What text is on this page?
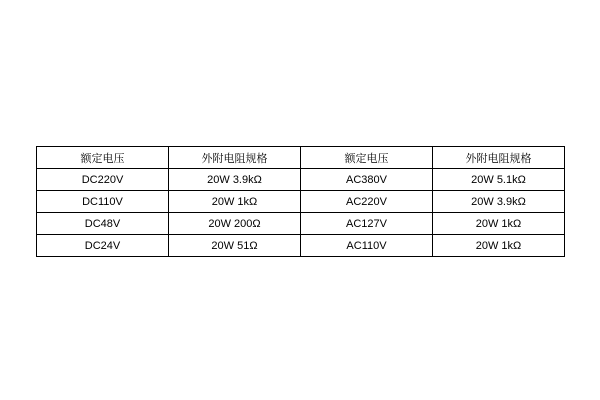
额定电压	外附电阻规格	额定电压	外附电阻规格
DC220V	20W 3.9kΩ	AC380V	20W 5.1kΩ
DC110V	20W 1kΩ	AC220V	20W 3.9kΩ
DC48V	20W 200Ω	AC127V	20W 1kΩ
DC24V	20W 51Ω	AC110V	20W 1kΩ
